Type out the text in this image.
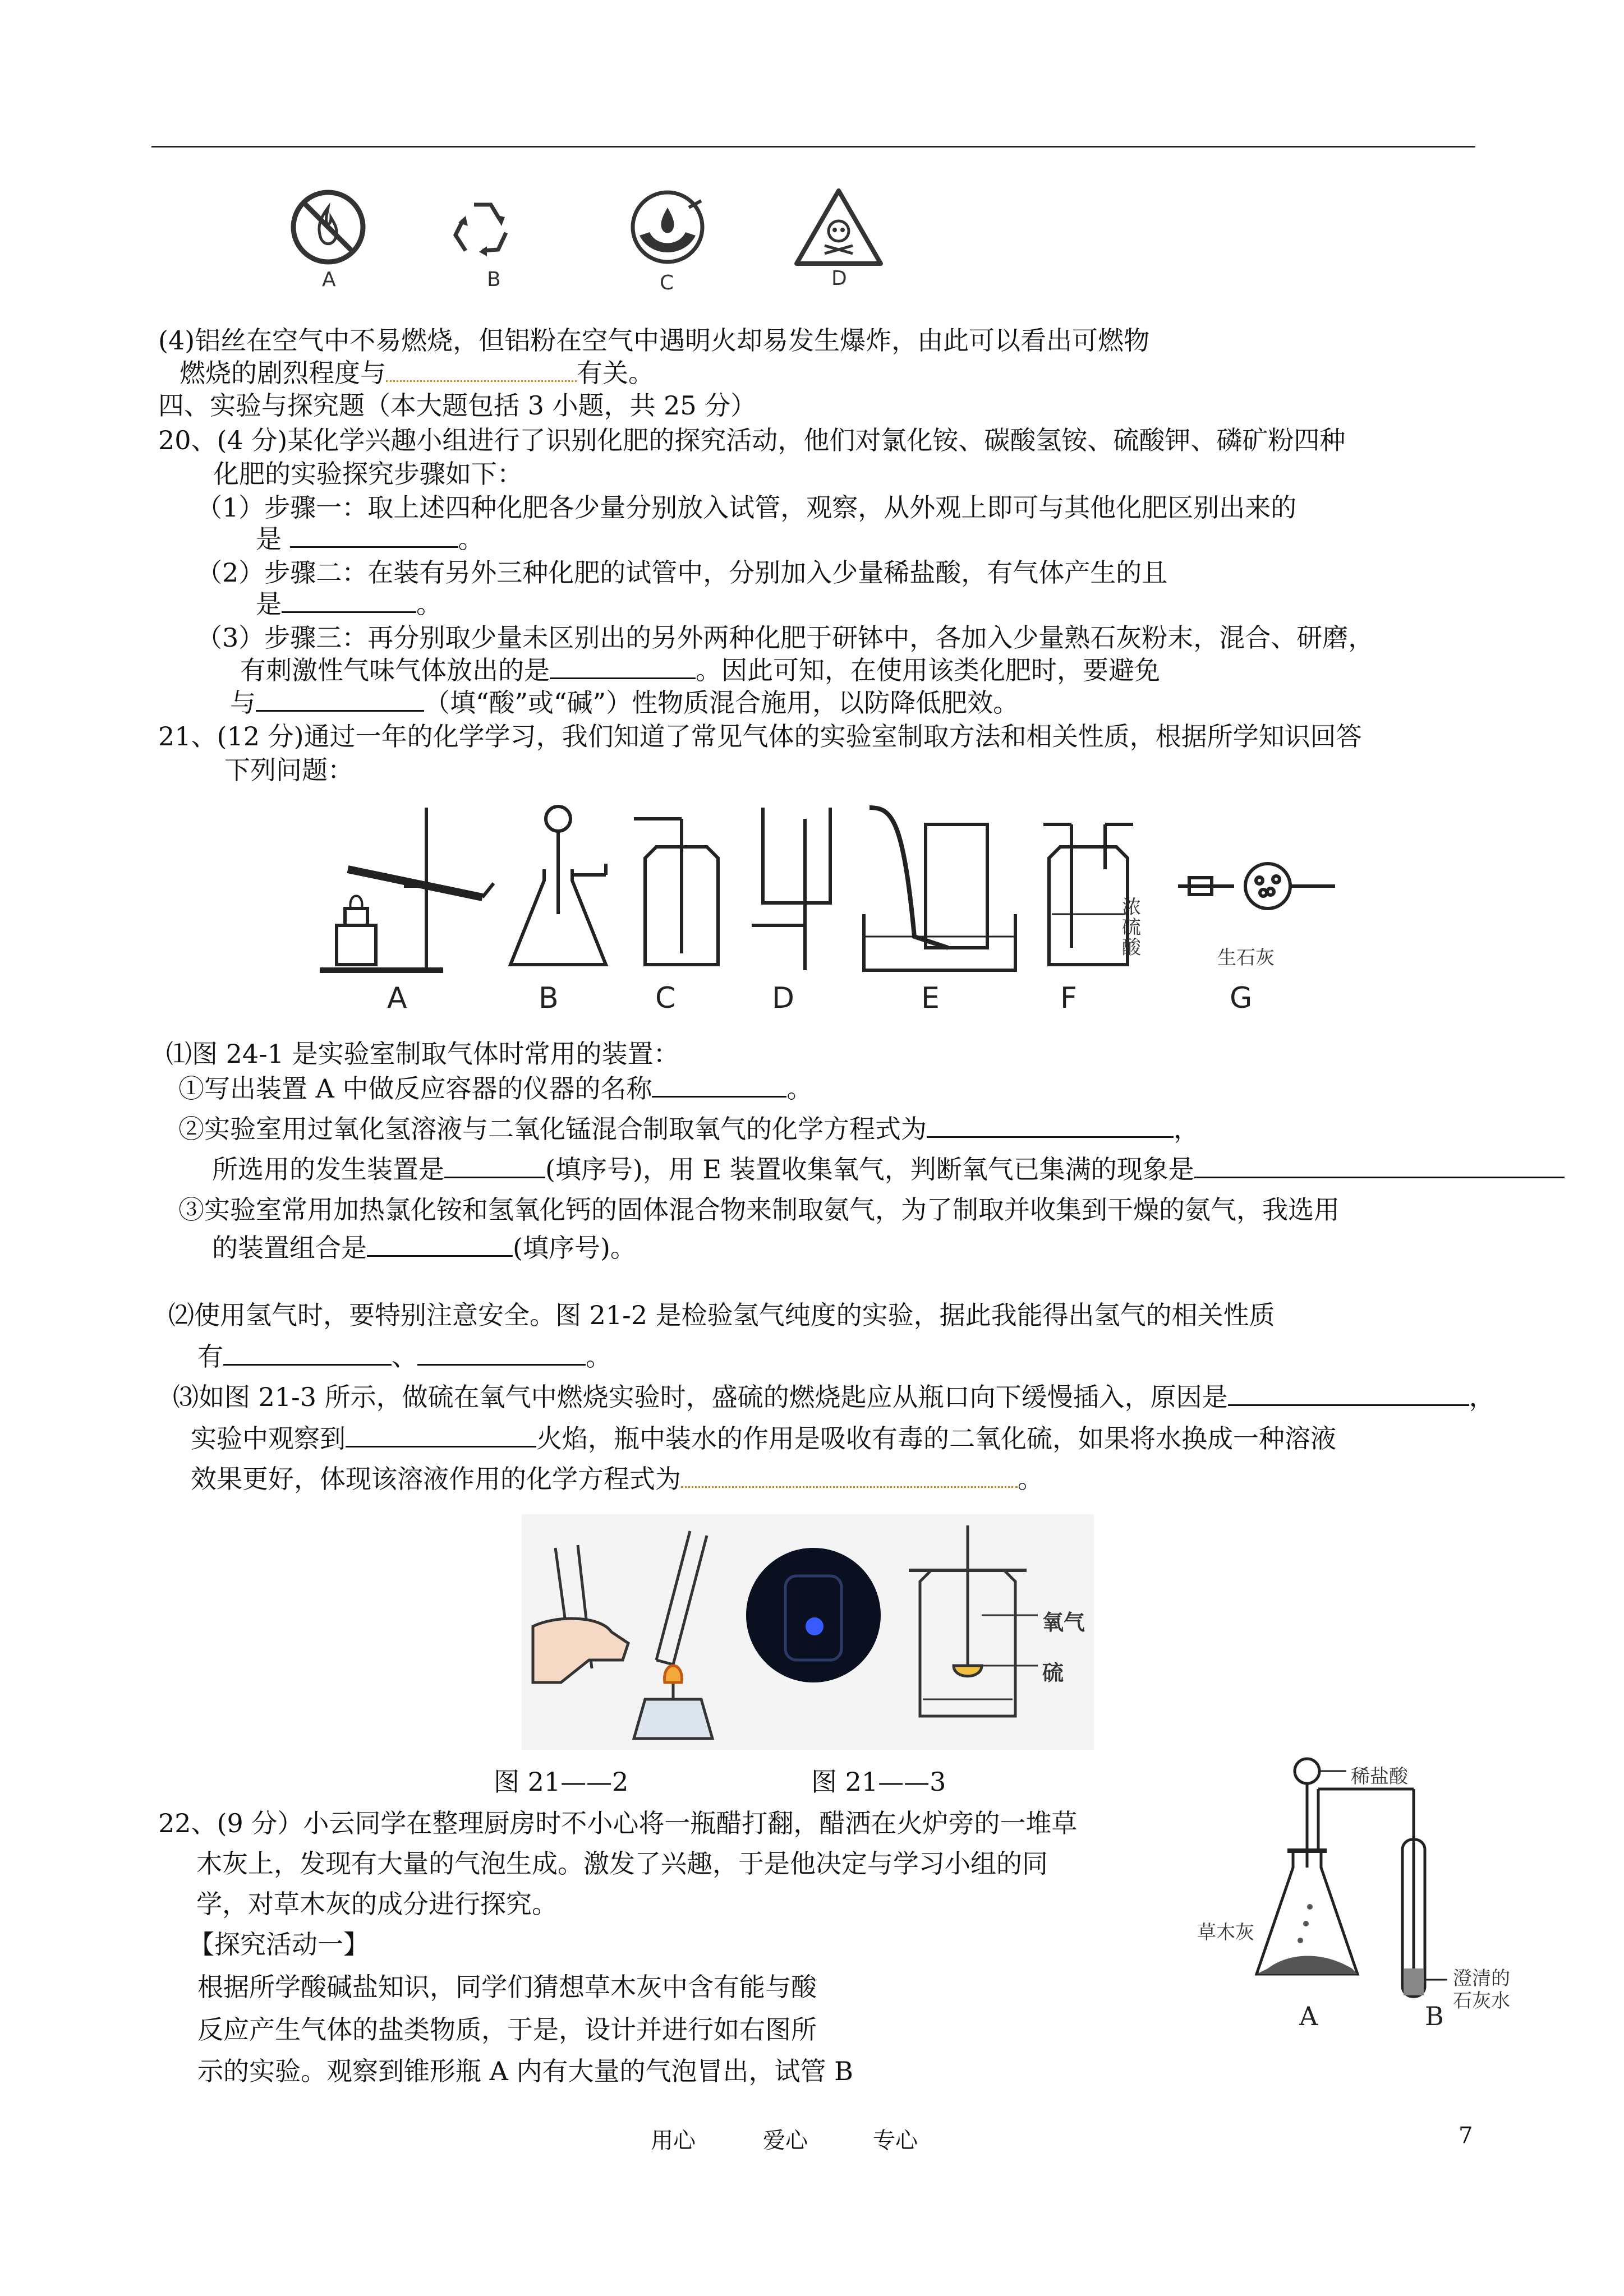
A	B	C	D
(4)铝丝在空气中不易燃烧，但铝粉在空气中遇明火却易发生爆炸，由此可以看出可燃物
燃烧的剧烈程度与	有关。
四、实验与探究题（本大题包括 3 小题，共 25 分）
20、(4 分)某化学兴趣小组进行了识别化肥的探究活动，他们对氯化铵、碳酸氢铵、硫酸钾、磷矿粉四种
化肥的实验探究步骤如下：
（1）步骤一：取上述四种化肥各少量分别放入试管，观察，从外观上即可与其他化肥区别出来的
是	。
（2）步骤二：在装有另外三种化肥的试管中，分别加入少量稀盐酸，有气体产生的且
是	。
（3）步骤三：再分别取少量未区别出的另外两种化肥于研钵中，各加入少量熟石灰粉末，混合、研磨，
有刺激性气味气体放出的是	。因此可知，在使用该类化肥时，要避免
与	（填“酸”或“碱”）性物质混合施用，以防降低肥效。
21、(12 分)通过一年的化学学习，我们知道了常见气体的实验室制取方法和相关性质，根据所学知识回答
下列问题：
A	B	C	D	E	F	G
浓硫酸	生石灰
⑴图 24-1 是实验室制取气体时常用的装置：
①写出装置 A 中做反应容器的仪器的名称	。
②实验室用过氧化氢溶液与二氧化锰混合制取氧气的化学方程式为	，
所选用的发生装置是	(填序号)，用 E 装置收集氧气，判断氧气已集满的现象是
③实验室常用加热氯化铵和氢氧化钙的固体混合物来制取氨气，为了制取并收集到干燥的氨气，我选用
的装置组合是	(填序号)。
⑵使用氢气时，要特别注意安全。图 21-2 是检验氢气纯度的实验，据此我能得出氢气的相关性质
有	、	。
⑶如图 21-3 所示，做硫在氧气中燃烧实验时，盛硫的燃烧匙应从瓶口向下缓慢插入，原因是	，
实验中观察到	火焰，瓶中装水的作用是吸收有毒的二氧化硫，如果将水换成一种溶液
效果更好，体现该溶液作用的化学方程式为	。
氧气
硫
图 21——2	图 21——3
22、(9 分）小云同学在整理厨房时不小心将一瓶醋打翻，醋洒在火炉旁的一堆草
木灰上，发现有大量的气泡生成。激发了兴趣，于是他决定与学习小组的同
学，对草木灰的成分进行探究。
【探究活动一】
根据所学酸碱盐知识，同学们猜想草木灰中含有能与酸
反应产生气体的盐类物质，于是，设计并进行如右图所
示的实验。观察到锥形瓶 A 内有大量的气泡冒出，试管 B
稀盐酸
草木灰
澄清的
石灰水
A	B
用心	爱心	专心	7
